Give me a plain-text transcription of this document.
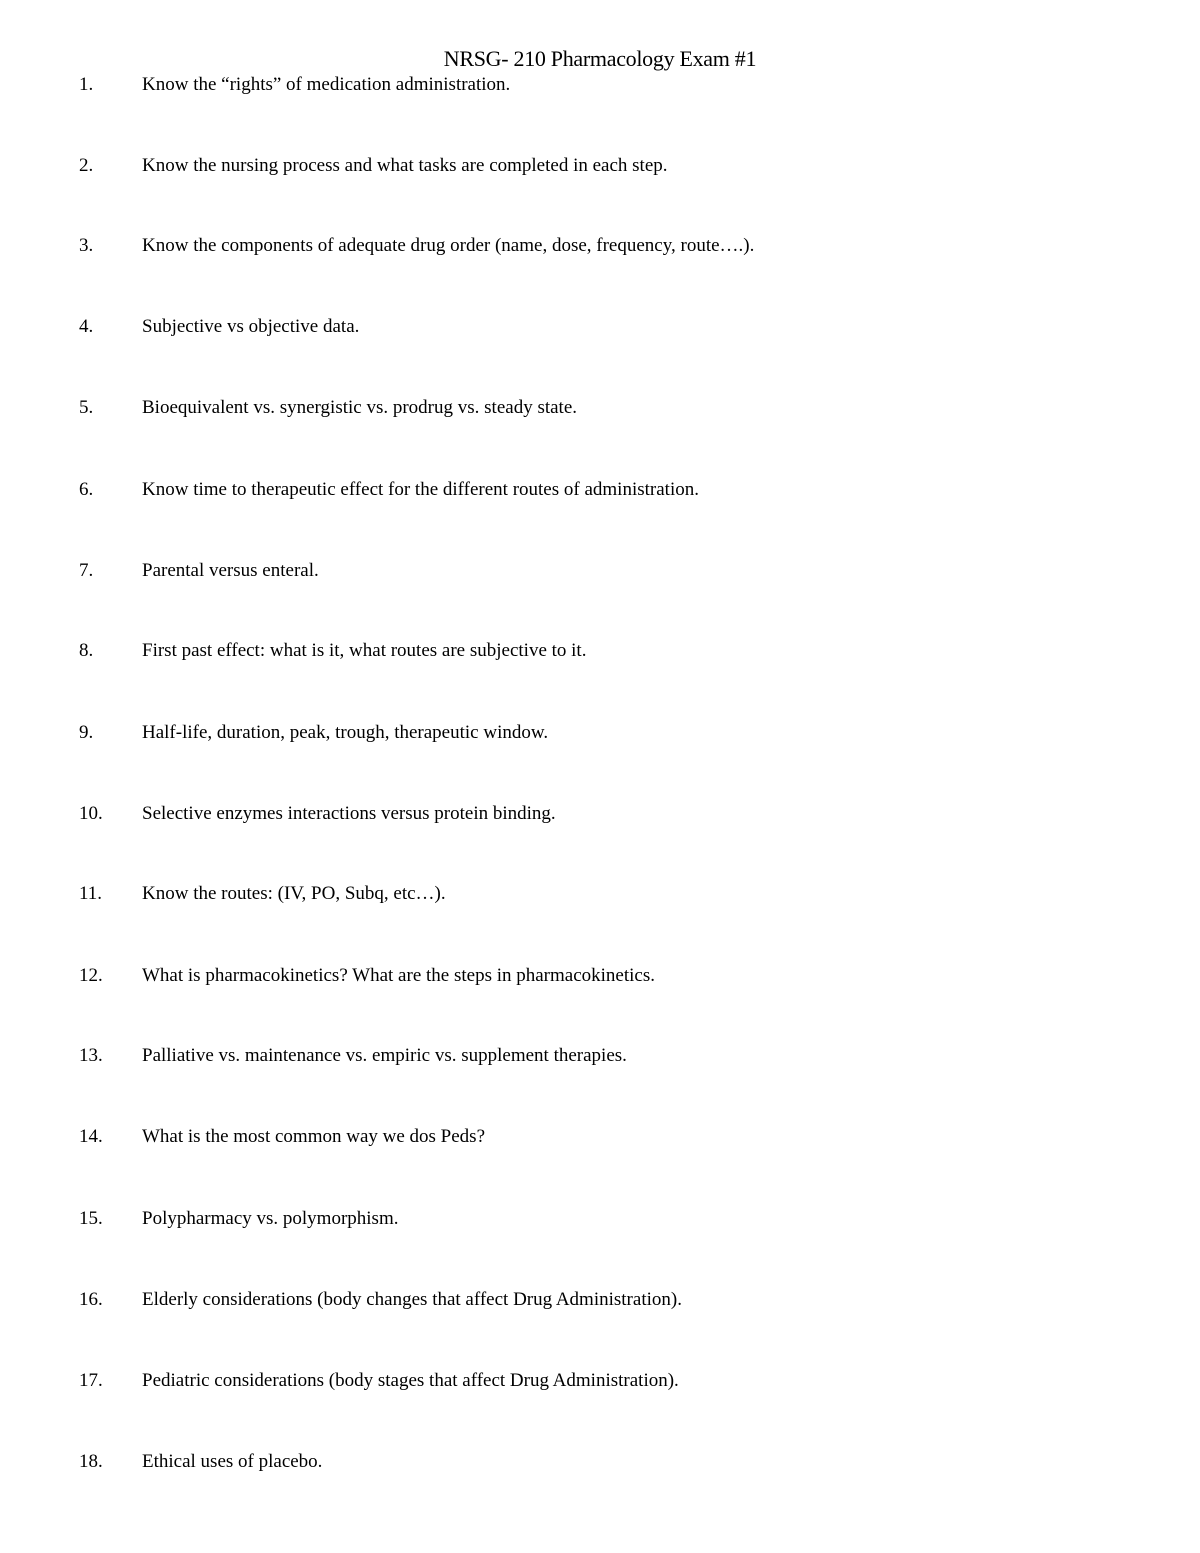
NRSG- 210 Pharmacology Exam #1
1.	Know the “rights” of medication administration.
2.	Know the nursing process and what tasks are completed in each step.
3.	Know the components of adequate drug order (name, dose, frequency, route….).
4.	Subjective vs objective data.
5.	Bioequivalent vs. synergistic vs. prodrug vs. steady state.
6.	Know time to therapeutic effect for the different routes of administration.
7.	Parental versus enteral.
8.	First past effect: what is it, what routes are subjective to it.
9.	Half-life, duration, peak, trough, therapeutic window.
10. Selective enzymes interactions versus protein binding.
11. Know the routes: (IV, PO, Subq, etc…).
12. What is pharmacokinetics? What are the steps in pharmacokinetics.
13. Palliative vs. maintenance vs. empiric vs. supplement therapies.
14. What is the most common way we dos Peds?
15. Polypharmacy vs. polymorphism.
16. Elderly considerations (body changes that affect Drug Administration).
17. Pediatric considerations (body stages that affect Drug Administration).
18. Ethical uses of placebo.
